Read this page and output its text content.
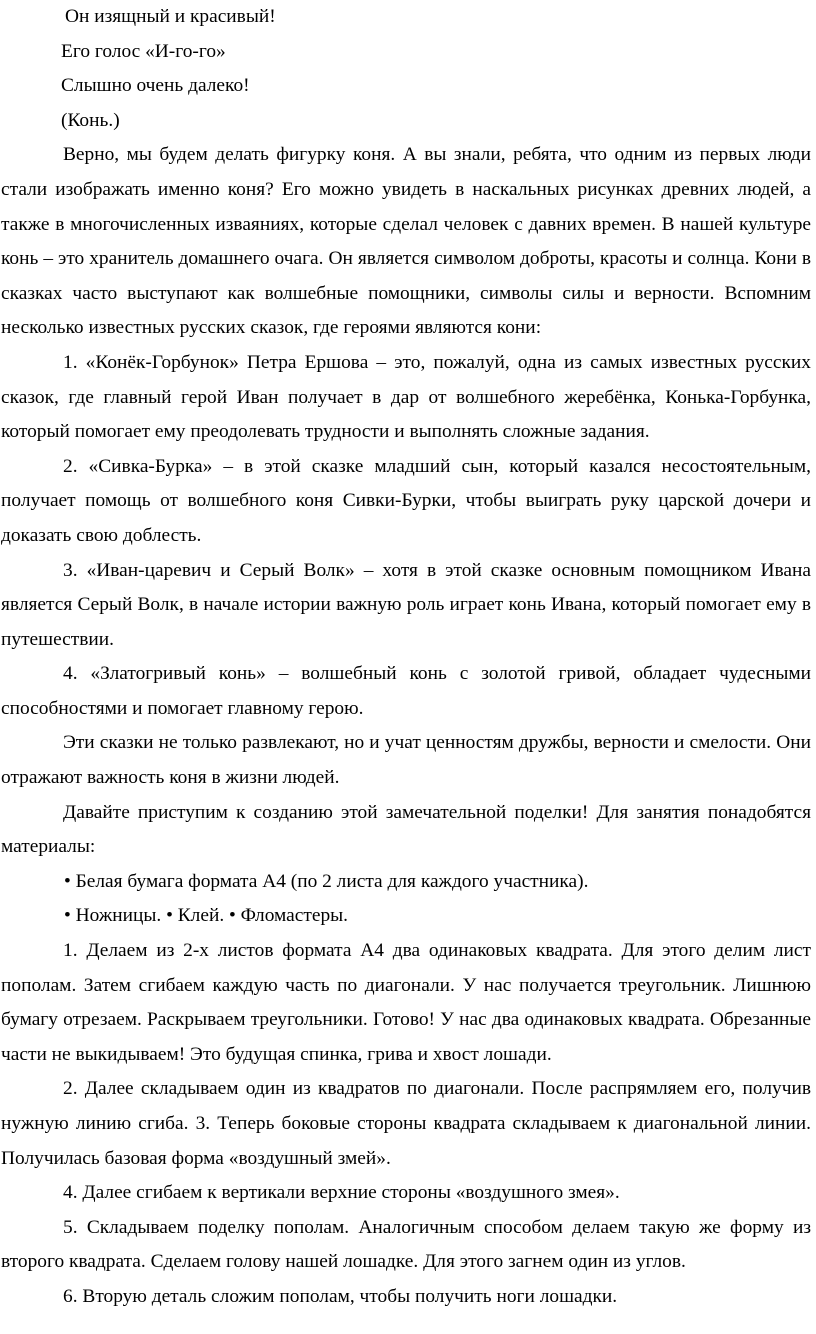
Он изящный и красивый!
Его голос «И-го-го»
Слышно очень далеко!
(Конь.)

Верно, мы будем делать фигурку коня. А вы знали, ребята, что одним из первых люди стали изображать именно коня? Его можно увидеть в наскальных рисунках древних людей, а также в многочисленных изваяниях, которые сделал человек с давних времен. В нашей культуре конь – это хранитель домашнего очага. Он является символом доброты, красоты и солнца. Кони в сказках часто выступают как волшебные помощники, символы силы и верности. Вспомним несколько известных русских сказок, где героями являются кони:

1. «Конёк-Горбунок» Петра Ершова – это, пожалуй, одна из самых известных русских сказок, где главный герой Иван получает в дар от волшебного жеребёнка, Конька-Горбунка, который помогает ему преодолевать трудности и выполнять сложные задания.

2. «Сивка-Бурка» – в этой сказке младший сын, который казался несостоятельным, получает помощь от волшебного коня Сивки-Бурки, чтобы выиграть руку царской дочери и доказать свою доблесть.

3. «Иван-царевич и Серый Волк» – хотя в этой сказке основным помощником Ивана является Серый Волк, в начале истории важную роль играет конь Ивана, который помогает ему в путешествии.

4. «Златогривый конь» – волшебный конь с золотой гривой, обладает чудесными способностями и помогает главному герою.

Эти сказки не только развлекают, но и учат ценностям дружбы, верности и смелости. Они отражают важность коня в жизни людей.

Давайте приступим к созданию этой замечательной поделки! Для занятия понадобятся материалы:

• Белая бумага формата А4 (по 2 листа для каждого участника).
• Ножницы. • Клей. • Фломастеры.

1. Делаем из 2-х листов формата А4 два одинаковых квадрата. Для этого делим лист пополам. Затем сгибаем каждую часть по диагонали. У нас получается треугольник. Лишнюю бумагу отрезаем. Раскрываем треугольники. Готово! У нас два одинаковых квадрата. Обрезанные части не выкидываем! Это будущая спинка, грива и хвост лошади.

2. Далее складываем один из квадратов по диагонали. После распрямляем его, получив нужную линию сгиба. 3. Теперь боковые стороны квадрата складываем к диагональной линии. Получилась базовая форма «воздушный змей».

4. Далее сгибаем к вертикали верхние стороны «воздушного змея».

5. Складываем поделку пополам. Аналогичным способом делаем такую же форму из второго квадрата. Сделаем голову нашей лошадке. Для этого загнем один из углов.

6. Вторую деталь сложим пополам, чтобы получить ноги лошадки.
